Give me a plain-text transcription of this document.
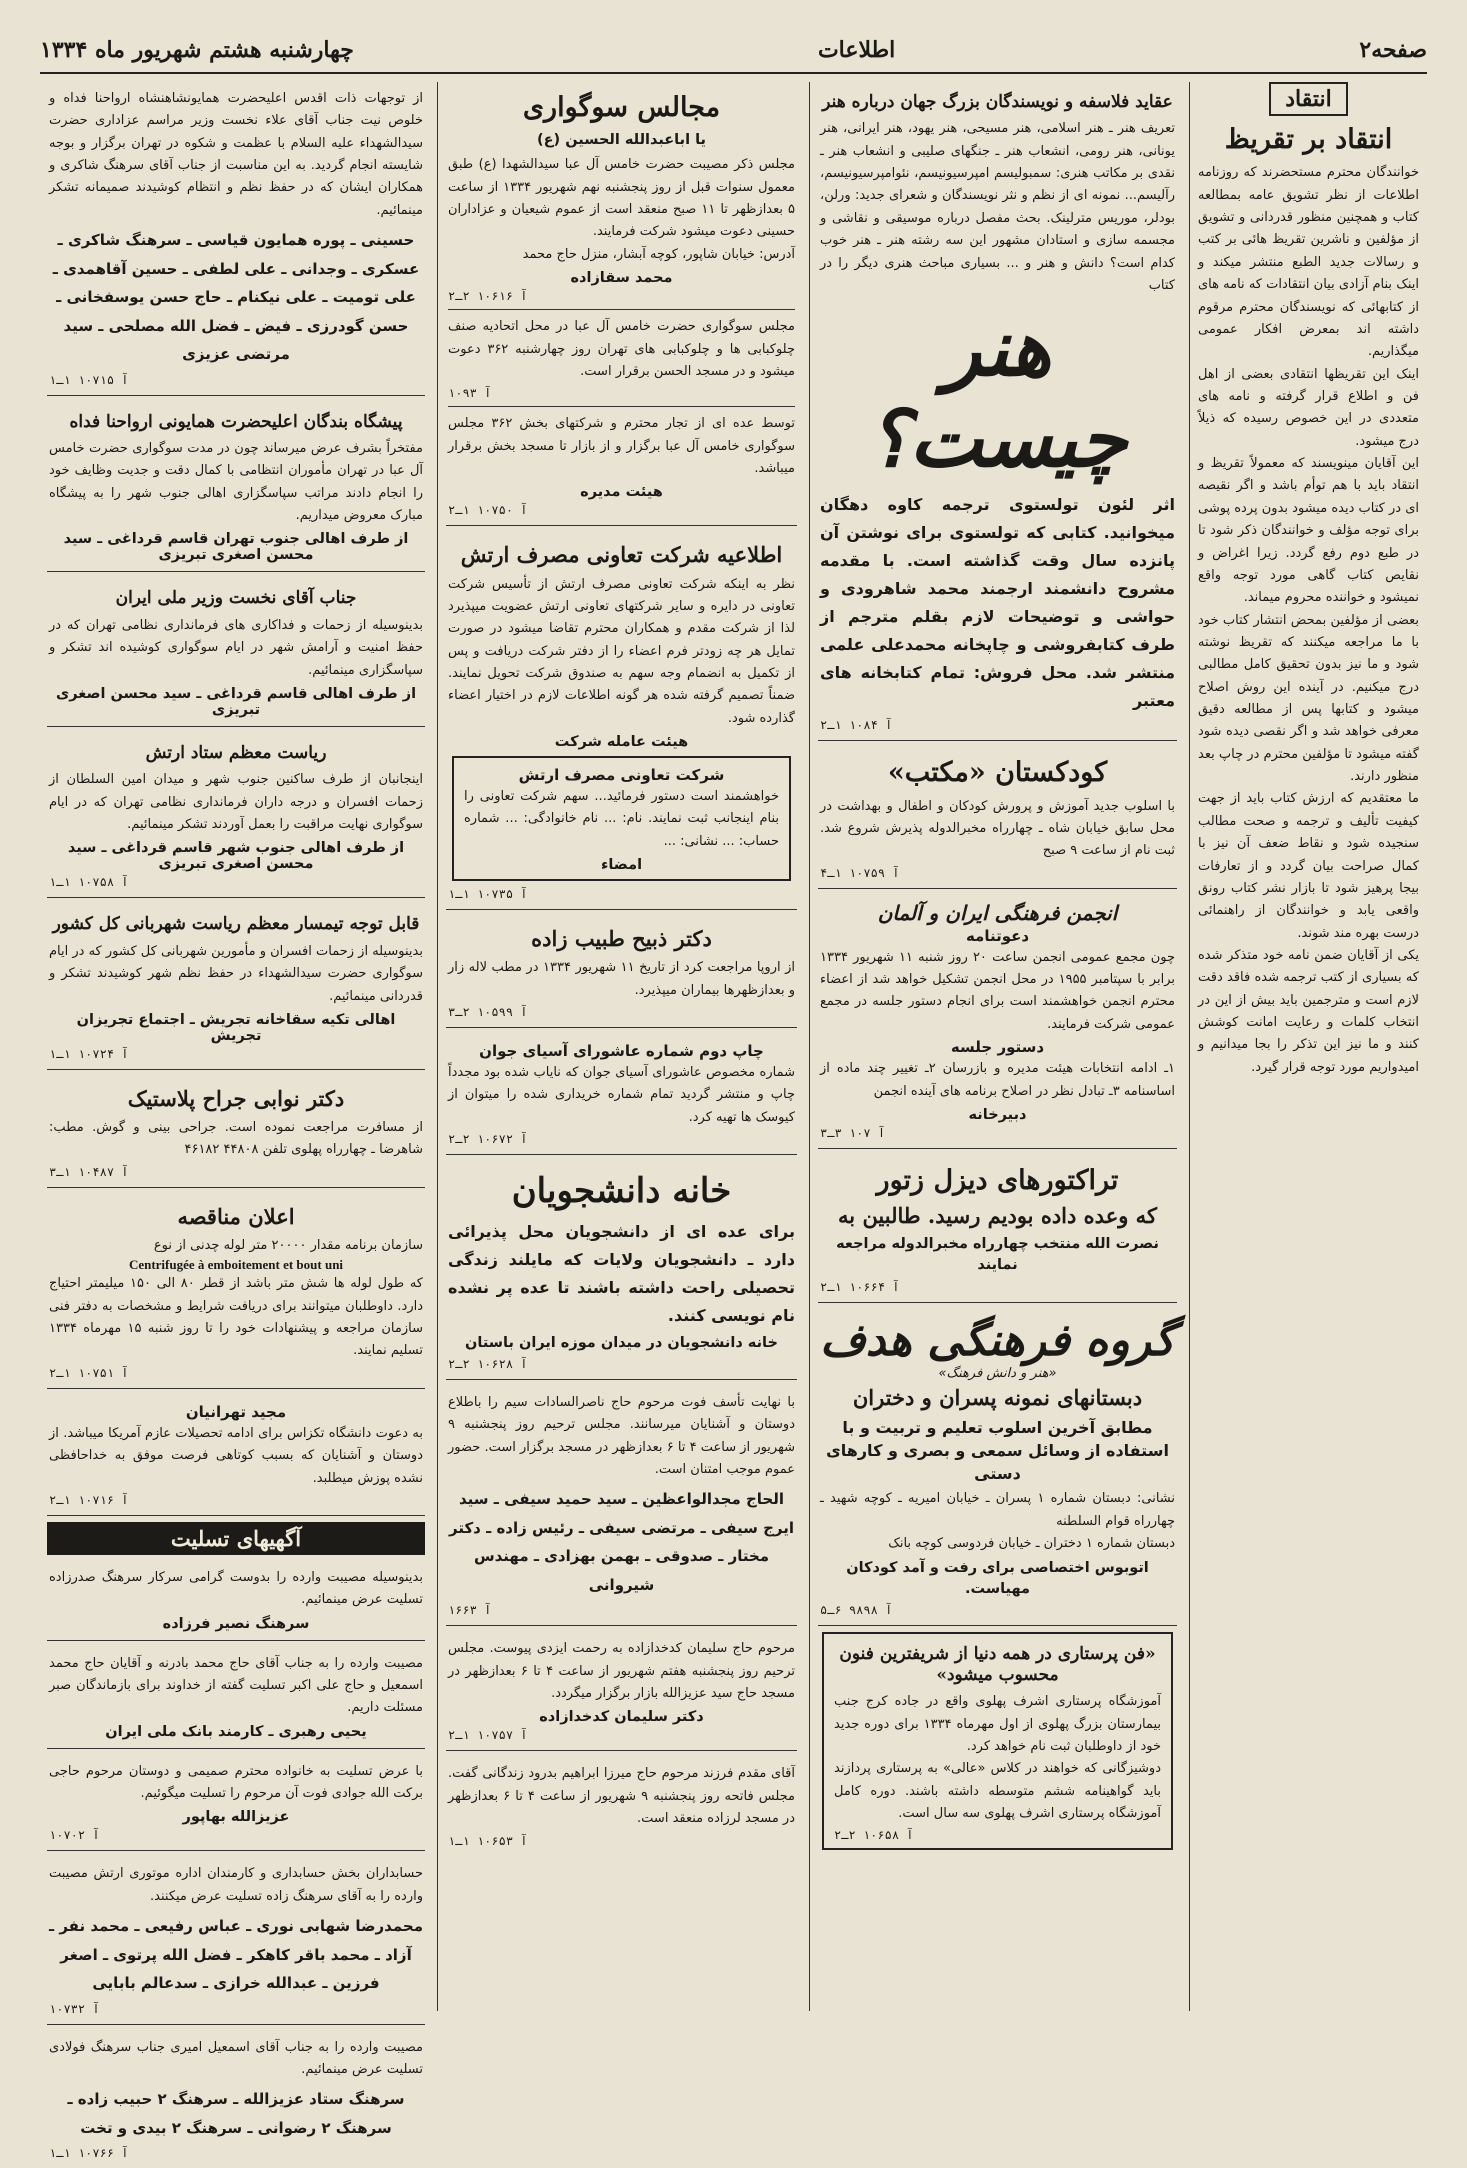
صفحه۲
اطلاعات
چهارشنبه هشتم شهریور ماه ۱۳۳۴
انتقاد
انتقاد بر تقریظ

خوانندگان محترم مستحضرند که روزنامه اطلاعات از نظر تشویق عامه بمطالعه کتاب و همچنین منظور قدردانی و تشویق از مؤلفین و ناشرین تقریظ هائی بر کتب و رسالات جدید الطبع منتشر میکند و اینک بنام آزادی بیان انتقادات که نامه های از کتابهائی که نویسندگان محترم مرقوم داشته اند بمعرض افکار عمومی میگذاریم.

اینک این تقریظها انتقادی بعضی از اهل فن و اطلاع قرار گرفته و نامه های متعددی در این خصوص رسیده که ذیلاً درج میشود.

این آقایان مینویسند که معمولاً تقریظ و انتقاد باید با هم توأم باشد و اگر نقیصه ای در کتاب دیده میشود بدون پرده پوشی برای توجه مؤلف و خوانندگان ذکر شود تا در طبع دوم رفع گردد. زیرا اغراض و نقایص کتاب گاهی مورد توجه واقع نمیشود و خواننده محروم میماند.

بعضی از مؤلفین بمحض انتشار کتاب خود با ما مراجعه میکنند که تقریظ نوشته شود و ما نیز بدون تحقیق کامل مطالبی درج میکنیم. در آینده این روش اصلاح میشود و کتابها پس از مطالعه دقیق معرفی خواهد شد و اگر نقصی دیده شود گفته میشود تا مؤلفین محترم در چاپ بعد منظور دارند.

ما معتقدیم که ارزش کتاب باید از جهت کیفیت تألیف و ترجمه و صحت مطالب سنجیده شود و نقاط ضعف آن نیز با کمال صراحت بیان گردد و از تعارفات بیجا پرهیز شود تا بازار نشر کتاب رونق واقعی یابد و خوانندگان از راهنمائی درست بهره مند شوند.

یکی از آقایان ضمن نامه خود متذکر شده که بسیاری از کتب ترجمه شده فاقد دقت لازم است و مترجمین باید بیش از این در انتخاب کلمات و رعایت امانت کوشش کنند و ما نیز این تذکر را بجا میدانیم و امیدواریم مورد توجه قرار گیرد.

عقاید فلاسفه و نویسندگان بزرگ جهان درباره هنر

تعریف هنر ـ هنر اسلامی، هنر مسیحی، هنر یهود، هنر ایرانی، هنر یونانی، هنر رومی، انشعاب هنر ـ جنگهای صلیبی و انشعاب هنر ـ نقدی بر مکاتب هنری: سمبولیسم امپرسیونیسم، نئوامپرسیونیسم، رآلیسم... نمونه ای از نظم و نثر نویسندگان و شعرای جدید: ورلن، بودلر، موریس مترلینک. بحث مفصل درباره موسیقی و نقاشی و مجسمه سازی و استادان مشهور این سه رشته هنر ـ هنر خوب کدام است؟ دانش و هنر و ... بسیاری مباحث هنری دیگر را در کتاب

هنر چیست؟

اثر لئون تولستوی ترجمه کاوه دهگان میخوانید. کتابی که تولستوی برای نوشتن آن پانزده سال وقت گذاشته است. با مقدمه مشروح دانشمند ارجمند محمد شاهرودی و حواشی و توضیحات لازم بقلم مترجم از طرف کتابفروشی و چاپخانه محمدعلی علمی منتشر شد. محل فروش: تمام کتابخانه های معتبر

آ ۱۰۸۴ ۱ـ۲
کودکستان «مکتب»

با اسلوب جدید آموزش و پرورش کودکان و اطفال و بهداشت در محل سابق خیابان شاه ـ چهارراه مخبرالدوله پذیرش شروع شد. ثبت نام از ساعت ۹ صبح

آ ۱۰۷۵۹ ۱ـ۴
انجمن فرهنگی ایران و آلمان
دعوتنامه

چون مجمع عمومی انجمن ساعت ۲۰ روز شنبه ۱۱ شهریور ۱۳۳۴ برابر با سپتامبر ۱۹۵۵ در محل انجمن تشکیل خواهد شد از اعضاء محترم انجمن خواهشمند است برای انجام دستور جلسه در مجمع عمومی شرکت فرمایند.

دستور جلسه

۱ـ ادامه انتخابات هیئت مدیره و بازرسان ۲ـ تغییر چند ماده از اساسنامه ۳ـ تبادل نظر در اصلاح برنامه های آینده انجمن

دبیرخانه
آ ۱۰۷ ۳ـ۳
تراکتورهای دیزل زتور
که وعده داده بودیم رسید. طالبین به
نصرت الله منتخب چهارراه مخبرالدوله مراجعه نمایند
آ ۱۰۶۶۴ ۱ـ۲
گروه فرهنگی هدف
«هنر و دانش فرهنگ»
دبستانهای نمونه پسران و دختران
مطابق آخرین اسلوب تعلیم و تربیت و با استفاده از وسائل سمعی و بصری و کارهای دستی

نشانی: دبستان شماره ۱ پسران ـ خیابان امیریه ـ کوچه شهید ـ چهارراه قوام السلطنه

دبستان شماره ۱ دختران ـ خیابان فردوسی کوچه بانک

اتوبوس اختصاصی برای رفت و آمد کودکان مهیاست.
آ ۹۸۹۸ ۶ـ۵
«فن پرستاری در همه دنیا از شریفترین فنون محسوب میشود»

آموزشگاه پرستاری اشرف پهلوی واقع در جاده کرج جنب بیمارستان بزرگ پهلوی از اول مهرماه ۱۳۳۴ برای دوره جدید خود از داوطلبان ثبت نام خواهد کرد.

دوشیزگانی که خواهند در کلاس «عالی» به پرستاری پردازند باید گواهینامه ششم متوسطه داشته باشند. دوره کامل آموزشگاه پرستاری اشرف پهلوی سه سال است.

آ ۱۰۶۵۸ ۲ـ۲
مجالس سوگواری
یا اباعبدالله الحسین (ع)

مجلس ذکر مصیبت حضرت خامس آل عبا سیدالشهدا (ع) طبق معمول سنوات قبل از روز پنجشنبه نهم شهریور ۱۳۳۴ از ساعت ۵ بعدازظهر تا ۱۱ صبح منعقد است از عموم شیعیان و عزاداران حسینی دعوت میشود شرکت فرمایند.

آدرس: خیابان شاپور، کوچه آبشار، منزل حاج محمد

محمد سقازاده
آ ۱۰۶۱۶ ۲ـ۲

مجلس سوگواری حضرت خامس آل عبا در محل اتحادیه صنف چلوکبابی ها و چلوکبابی های تهران روز چهارشنبه ۳۶۲ دعوت میشود و در مسجد الحسن برقرار است.

آ ۱۰۹۳

توسط عده ای از تجار محترم و شرکتهای بخش ۳۶۲ مجلس سوگواری خامس آل عبا برگزار و از بازار تا مسجد بخش برقرار میباشد.

هیئت مدیره
آ ۱۰۷۵۰ ۱ـ۲
اطلاعیه شرکت تعاونی مصرف ارتش

نظر به اینکه شرکت تعاونی مصرف ارتش از تأسیس شرکت تعاونی در دایره و سایر شرکتهای تعاونی ارتش عضویت میپذیرد لذا از شرکت مقدم و همکاران محترم تقاضا میشود در صورت تمایل هر چه زودتر فرم اعضاء را از دفتر شرکت دریافت و پس از تکمیل به انضمام وجه سهم به صندوق شرکت تحویل نمایند. ضمناً تصمیم گرفته شده هر گونه اطلاعات لازم در اختیار اعضاء گذارده شود.

هیئت عامله شرکت
شرکت تعاونی مصرف ارتش

خواهشمند است دستور فرمائید... سهم شرکت تعاونی را بنام اینجانب ثبت نمایند. نام: ... نام خانوادگی: ... شماره حساب: ... نشانی: ...

امضاء
آ ۱۰۷۳۵ ۱ـ۱
دکتر ذبیح طبیب زاده

از اروپا مراجعت کرد از تاریخ ۱۱ شهریور ۱۳۳۴ در مطب لاله زار و بعدازظهرها بیماران میپذیرد.

آ ۱۰۵۹۹ ۲ـ۳
چاپ دوم شماره عاشورای آسیای جوان

شماره مخصوص عاشورای آسیای جوان که نایاب شده بود مجدداً چاپ و منتشر گردید تمام شماره خریداری شده را میتوان از کیوسک ها تهیه کرد.

آ ۱۰۶۷۲ ۲ـ۲
خانه دانشجویان

برای عده ای از دانشجویان محل پذیرائی دارد ـ دانشجویان ولایات که مایلند زندگی تحصیلی راحت داشته باشند تا عده پر نشده نام نویسی کنند.

خانه دانشجویان در میدان موزه ایران باستان
آ ۱۰۶۲۸ ۲ـ۲

با نهایت تأسف فوت مرحوم حاج ناصرالسادات سیم را باطلاع دوستان و آشنایان میرسانند. مجلس ترحیم روز پنجشنبه ۹ شهریور از ساعت ۴ تا ۶ بعدازظهر در مسجد برگزار است. حضور عموم موجب امتنان است.

الحاج مجدالواعظین ـ سید حمید سیفی ـ سید ایرج سیفی ـ مرتضی سیفی ـ رئیس زاده ـ دکتر مختار ـ صدوقی ـ بهمن بهزادی ـ مهندس شیروانی
آ ۱۶۶۳

مرحوم حاج سلیمان کدخدازاده به رحمت ایزدی پیوست. مجلس ترحیم روز پنجشنبه هفتم شهریور از ساعت ۴ تا ۶ بعدازظهر در مسجد حاج سید عزیزالله بازار برگزار میگردد.

دکتر سلیمان کدخدازاده
آ ۱۰۷۵۷ ۱ـ۲

آقای مقدم فرزند مرحوم حاج میرزا ابراهیم بدرود زندگانی گفت. مجلس فاتحه روز پنجشنبه ۹ شهریور از ساعت ۴ تا ۶ بعدازظهر در مسجد لرزاده منعقد است.

آ ۱۰۶۵۳ ۱ـ۱

از توجهات ذات اقدس اعلیحضرت همایونشاهنشاه ارواحنا فداه و خلوص نیت جناب آقای علاء نخست وزیر مراسم عزاداری حضرت سیدالشهداء علیه السلام با عظمت و شکوه در تهران برگزار و بوجه شایسته انجام گردید. به این مناسبت از جناب آقای سرهنگ شاکری و همکاران ایشان که در حفظ نظم و انتظام کوشیدند صمیمانه تشکر مینمائیم.

حسینی ـ پوره همایون قیاسی ـ سرهنگ شاکری ـ عسکری ـ وجدانی ـ علی لطفی ـ حسین آقاهمدی ـ علی تومیت ـ علی نیکنام ـ حاج حسن یوسفخانی ـ حسن گودرزی ـ فیض ـ فضل الله مصلحی ـ سید مرتضی عزیزی
آ ۱۰۷۱۵ ۱ـ۱
پیشگاه بندگان اعلیحضرت همایونی ارواحنا فداه

مفتخراً بشرف عرض میرساند چون در مدت سوگواری حضرت خامس آل عبا در تهران مأموران انتظامی با کمال دقت و جدیت وظایف خود را انجام دادند مراتب سپاسگزاری اهالی جنوب شهر را به پیشگاه مبارک معروض میداریم.

از طرف اهالی جنوب تهران قاسم قرداغی ـ سید محسن اصغری تبریزی
جناب آقای نخست وزیر ملی ایران

بدینوسیله از زحمات و فداکاری های فرمانداری نظامی تهران که در حفظ امنیت و آرامش شهر در ایام سوگواری کوشیده اند تشکر و سپاسگزاری مینمائیم.

از طرف اهالی قاسم قرداغی ـ سید محسن اصغری تبریزی
ریاست معظم ستاد ارتش

اینجانبان از طرف ساکنین جنوب شهر و میدان امین السلطان از زحمات افسران و درجه داران فرمانداری نظامی تهران که در ایام سوگواری نهایت مراقبت را بعمل آوردند تشکر مینمائیم.

از طرف اهالی جنوب شهر قاسم قرداغی ـ سید محسن اصغری تبریزی
آ ۱۰۷۵۸ ۱ـ۱
قابل توجه تیمسار معظم ریاست شهربانی کل کشور

بدینوسیله از زحمات افسران و مأمورین شهربانی کل کشور که در ایام سوگواری حضرت سیدالشهداء در حفظ نظم شهر کوشیدند تشکر و قدردانی مینمائیم.

اهالی تکیه سقاخانه تجریش ـ اجتماع تجریزان تجریش
آ ۱۰۷۲۴ ۱ـ۱
دکتر نوابی جراح پلاستیک

از مسافرت مراجعت نموده است. جراحی بینی و گوش. مطب: شاهرضا ـ چهارراه پهلوی تلفن ۴۴۸۰۸ ۴۶۱۸۲

آ ۱۰۴۸۷ ۱ـ۳
اعلان مناقصه

سازمان برنامه مقدار ۲۰۰۰۰ متر لوله چدنی از نوع

Centrifugée à emboitement et bout uni

که طول لوله ها شش متر باشد از قطر ۸۰ الی ۱۵۰ میلیمتر احتیاج دارد. داوطلبان میتوانند برای دریافت شرایط و مشخصات به دفتر فنی سازمان مراجعه و پیشنهادات خود را تا روز شنبه ۱۵ مهرماه ۱۳۳۴ تسلیم نمایند.

آ ۱۰۷۵۱ ۱ـ۲
مجید تهرانیان

به دعوت دانشگاه تکزاس برای ادامه تحصیلات عازم آمریکا میباشد. از دوستان و آشنایان که بسبب کوتاهی فرصت موفق به خداحافظی نشده پوزش میطلبد.

آ ۱۰۷۱۶ ۱ـ۲
آگهیهای تسلیت

بدینوسیله مصیبت وارده را بدوست گرامی سرکار سرهنگ صدرزاده تسلیت عرض مینمائیم.

سرهنگ نصیر فرزاده

مصیبت وارده را به جناب آقای حاج محمد بادرنه و آقایان حاج محمد اسمعیل و حاج علی اکبر تسلیت گفته از خداوند برای بازماندگان صبر مسئلت داریم.

یحیی رهبری ـ کارمند بانک ملی ایران

با عرض تسلیت به خانواده محترم صمیمی و دوستان مرحوم حاجی برکت الله جوادی فوت آن مرحوم را تسلیت میگوئیم.

عزیزالله بهاپور
آ ۱۰۷۰۲

حسابداران بخش حسابداری و کارمندان اداره موتوری ارتش مصیبت وارده را به آقای سرهنگ زاده تسلیت عرض میکنند.

محمدرضا شهابی نوری ـ عباس رفیعی ـ محمد نفر ـ آزاد ـ محمد باقر کاهکر ـ فضل الله پرتوی ـ اصغر فرزین ـ عبدالله خرازی ـ سدعالم بابایی
آ ۱۰۷۳۲

مصیبت وارده را به جناب آقای اسمعیل امیری جناب سرهنگ فولادی تسلیت عرض مینمائیم.

سرهنگ ستاد عزیزالله ـ سرهنگ ۲ حبیب زاده ـ سرهنگ ۲ رضوانی ـ سرهنگ ۲ بیدی و تخت
آ ۱۰۷۶۶ ۱ـ۱
